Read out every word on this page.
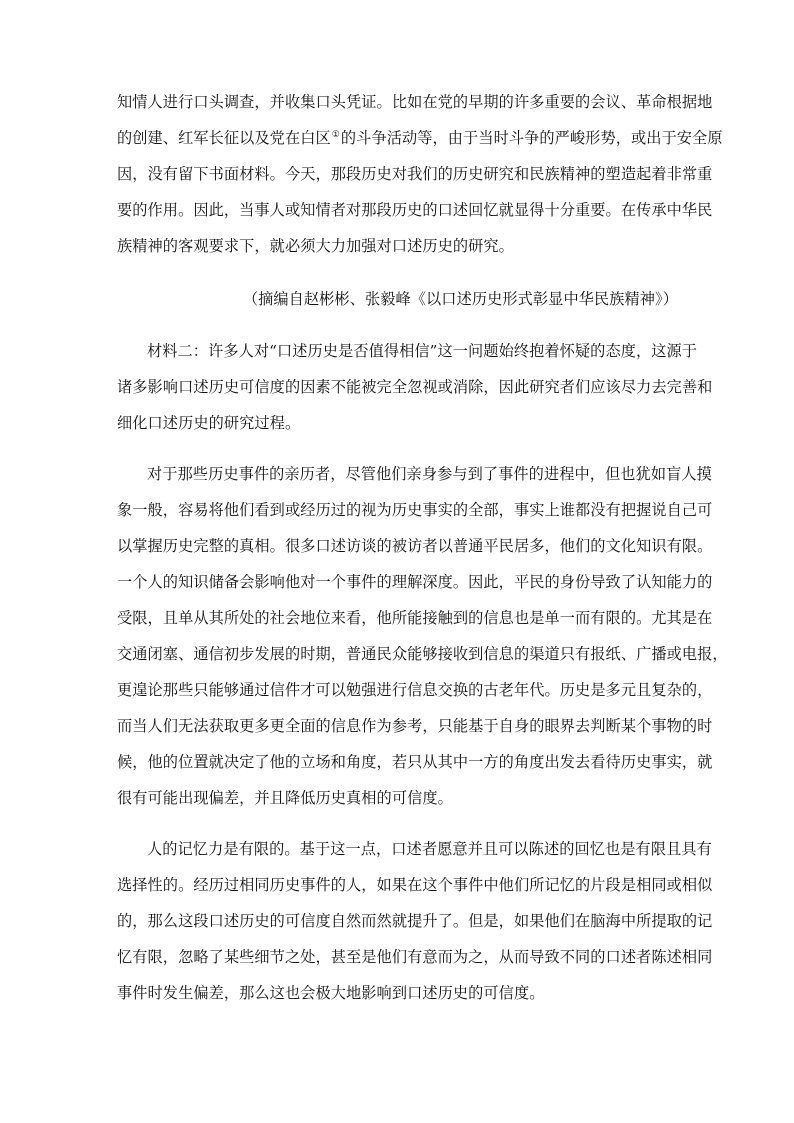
知情人进行口头调查，并收集口头凭证。比如在党的早期的许多重要的会议、革命根据地
的创建、红军长征以及党在白区①的斗争活动等，由于当时斗争的严峻形势，或出于安全原
因，没有留下书面材料。今天，那段历史对我们的历史研究和民族精神的塑造起着非常重
要的作用。因此，当事人或知情者对那段历史的口述回忆就显得十分重要。在传承中华民
族精神的客观要求下，就必须大力加强对口述历史的研究。
（摘编自赵彬彬、张毅峰《以口述历史形式彰显中华民族精神》）
材料二：许多人对“口述历史是否值得相信”这一问题始终抱着怀疑的态度，这源于
诸多影响口述历史可信度的因素不能被完全忽视或消除，因此研究者们应该尽力去完善和
细化口述历史的研究过程。
对于那些历史事件的亲历者，尽管他们亲身参与到了事件的进程中，但也犹如盲人摸
象一般，容易将他们看到或经历过的视为历史事实的全部，事实上谁都没有把握说自己可
以掌握历史完整的真相。很多口述访谈的被访者以普通平民居多，他们的文化知识有限。
一个人的知识储备会影响他对一个事件的理解深度。因此，平民的身份导致了认知能力的
受限，且单从其所处的社会地位来看，他所能接触到的信息也是单一而有限的。尤其是在
交通闭塞、通信初步发展的时期，普通民众能够接收到信息的渠道只有报纸、广播或电报，
更遑论那些只能够通过信件才可以勉强进行信息交换的古老年代。历史是多元且复杂的，
而当人们无法获取更多更全面的信息作为参考，只能基于自身的眼界去判断某个事物的时
候，他的位置就决定了他的立场和角度，若只从其中一方的角度出发去看待历史事实，就
很有可能出现偏差，并且降低历史真相的可信度。
人的记忆力是有限的。基于这一点，口述者愿意并且可以陈述的回忆也是有限且具有
选择性的。经历过相同历史事件的人，如果在这个事件中他们所记忆的片段是相同或相似
的，那么这段口述历史的可信度自然而然就提升了。但是，如果他们在脑海中所提取的记
忆有限，忽略了某些细节之处，甚至是他们有意而为之，从而导致不同的口述者陈述相同
事件时发生偏差，那么这也会极大地影响到口述历史的可信度。
